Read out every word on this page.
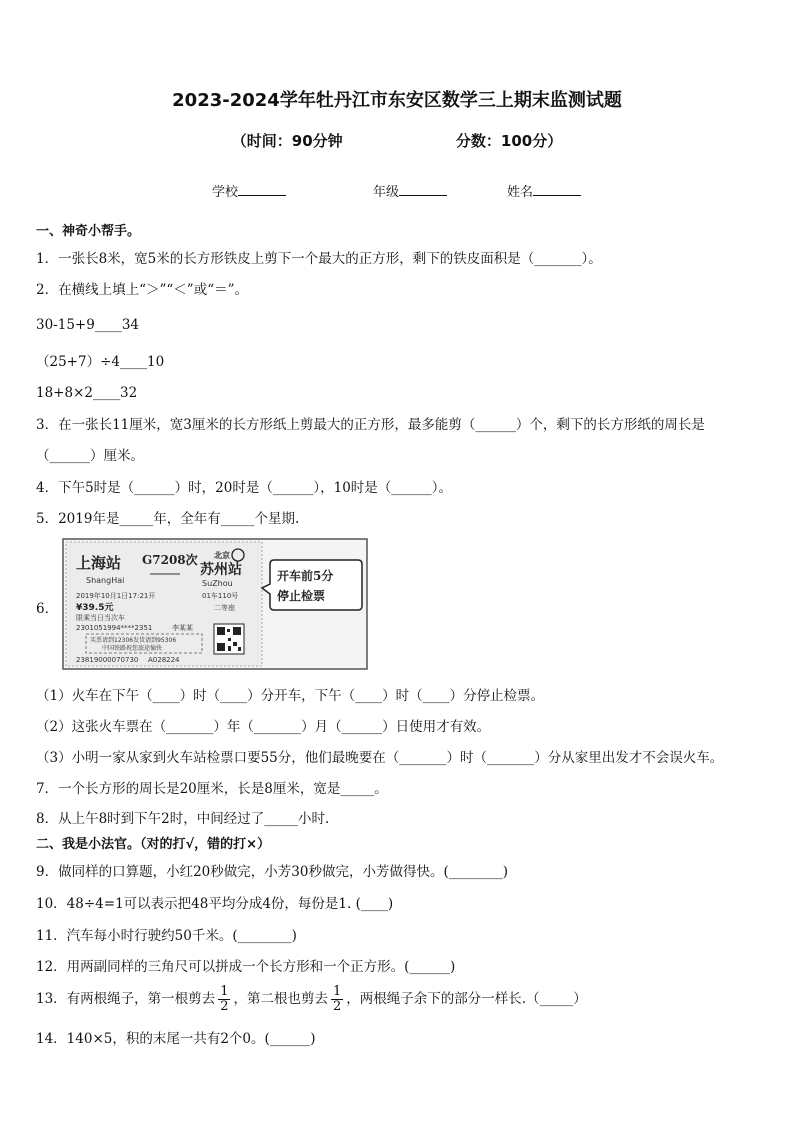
2023-2024学年牡丹江市东安区数学三上期末监测试题
（时间：90分钟	分数：100分）
学校	年级	姓名
一、神奇小帮手。
1．一张长8米，宽5米的长方形铁皮上剪下一个最大的正方形，剩下的铁皮面积是（_______）。
2．在横线上填上“＞”“＜”或“＝”。
30-15+9____34
（25+7）÷4____10
18+8×2____32
3．在一张长11厘米，宽3厘米的长方形纸上剪最大的正方形，最多能剪（______）个，剩下的长方形纸的周长是
（______）厘米。
4．下午5时是（______）时，20时是（______），10时是（______）。
5．2019年是_____年，全年有_____个星期.
6．
上海站
ShangHai
G7208次 北京
苏州站
SuZhou
2019年10月1日17:21开	01车110号
¥39.5元	二等座
限乘当日当次车
2301051994****2351	李某某
买票请到12306发货请到95306
中国铁路祝您旅途愉快
23819000070730 A028224
开车前5分
停止检票
（1）火车在下午（____）时（____）分开车，下午（____）时（____）分停止检票。
（2）这张火车票在（_______）年（_______）月（______）日使用才有效。
（3）小明一家从家到火车站检票口要55分，他们最晚要在（_______）时（_______）分从家里出发才不会误火车。
7．一个长方形的周长是20厘米，长是8厘米，宽是_____。
8．从上午8时到下午2时，中间经过了_____小时.
二、我是小法官。（对的打√，错的打×）
9．做同样的口算题，小红20秒做完，小芳30秒做完，小芳做得快。(________)
10．48÷4=1可以表示把48平均分成4份，每份是1. (____)
11．汽车每小时行驶约50千米。(________)
12．用两副同样的三角尺可以拼成一个长方形和一个正方形。(______)
13．有两根绳子，第一根剪去 $\frac{1}{2}$ ，第二根也剪去 $\frac{1}{2}$ ，两根绳子余下的部分一样长.（_____）
14．140×5，积的末尾一共有2个0。(______)
